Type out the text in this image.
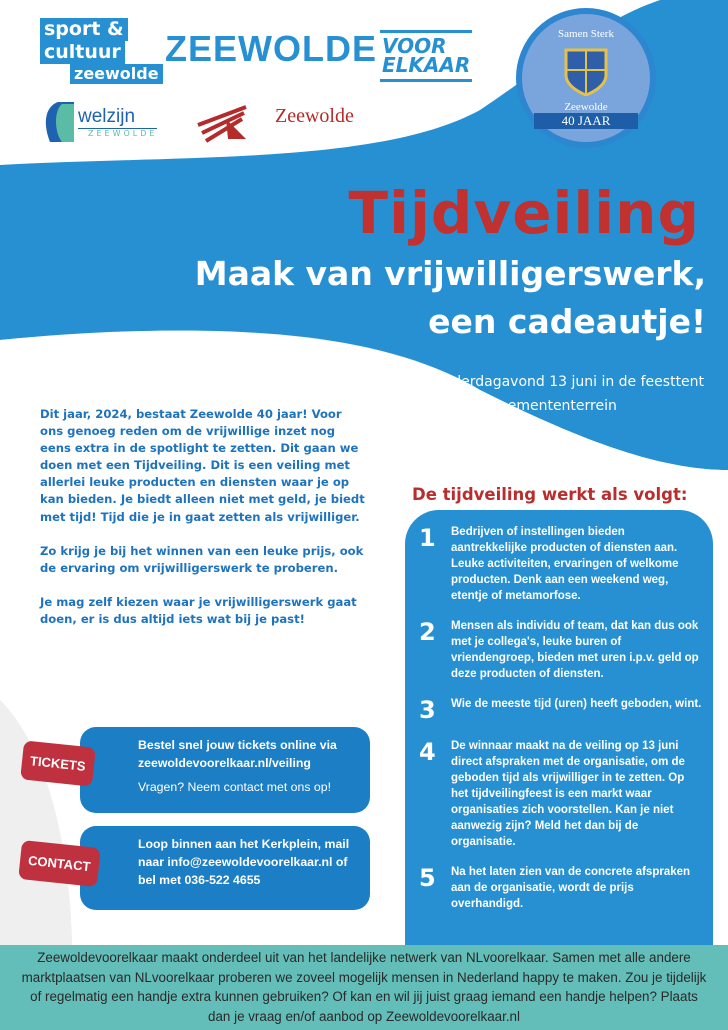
sport &
cultuur
zeewolde
ZEEWOLDE VOOR
ELKAAR
welzijn
ZEEWOLDE
Zeewolde
Samen Sterk
Zeewolde
40 JAAR
Tijdveiling
Maak van vrijwilligerswerk,
een cadeautje!
Donderdagavond 13 juni in de feesttent op het evenemententerrein

Dit jaar, 2024, bestaat Zeewolde 40 jaar! Voor ons genoeg reden om de vrijwillige inzet nog eens extra in de spotlight te zetten. Dit gaan we doen met een Tijdveiling. Dit is een veiling met allerlei leuke producten en diensten waar je op kan bieden. Je biedt alleen niet met geld, je biedt met tijd! Tijd die je in gaat zetten als vrijwilliger.

Zo krijg je bij het winnen van een leuke prijs, ook de ervaring om vrijwilligerswerk te proberen.

Je mag zelf kiezen waar je vrijwilligerswerk gaat doen, er is dus altijd iets wat bij je past!

De tijdveiling werkt als volgt:
1	Bedrijven of instellingen bieden aantrekkelijke producten of diensten aan. Leuke activiteiten, ervaringen of welkome producten. Denk aan een weekend weg, etentje of metamorfose.
2	Mensen als individu of team, dat kan dus ook met je collega's, leuke buren of vriendengroep, bieden met uren i.p.v. geld op deze producten of diensten.
3	Wie de meeste tijd (uren) heeft geboden, wint.
4	De winnaar maakt na de veiling op 13 juni direct afspraken met de organisatie, om de geboden tijd als vrijwilliger in te zetten. Op het tijdveilingfeest is een markt waar organisaties zich voorstellen. Kan je niet aanwezig zijn? Meld het dan bij de organisatie.
5	Na het laten zien van de concrete afspraken aan de organisatie, wordt de prijs overhandigd.
Bestel snel jouw tickets online via zeewoldevoorelkaar.nl/veiling
Vragen? Neem contact met ons op!
TICKETS
Loop binnen aan het Kerkplein, mail naar info@zeewoldevoorelkaar.nl of bel met 036-522 4655
CONTACT
Zeewoldevoorelkaar maakt onderdeel uit van het landelijke netwerk van NLvoorelkaar. Samen met alle andere marktplaatsen van NLvoorelkaar proberen we zoveel mogelijk mensen in Nederland happy te maken. Zou je tijdelijk of regelmatig een handje extra kunnen gebruiken? Of kan en wil jij juist graag iemand een handje helpen? Plaats dan je vraag en/of aanbod op Zeewoldevoorelkaar.nl
